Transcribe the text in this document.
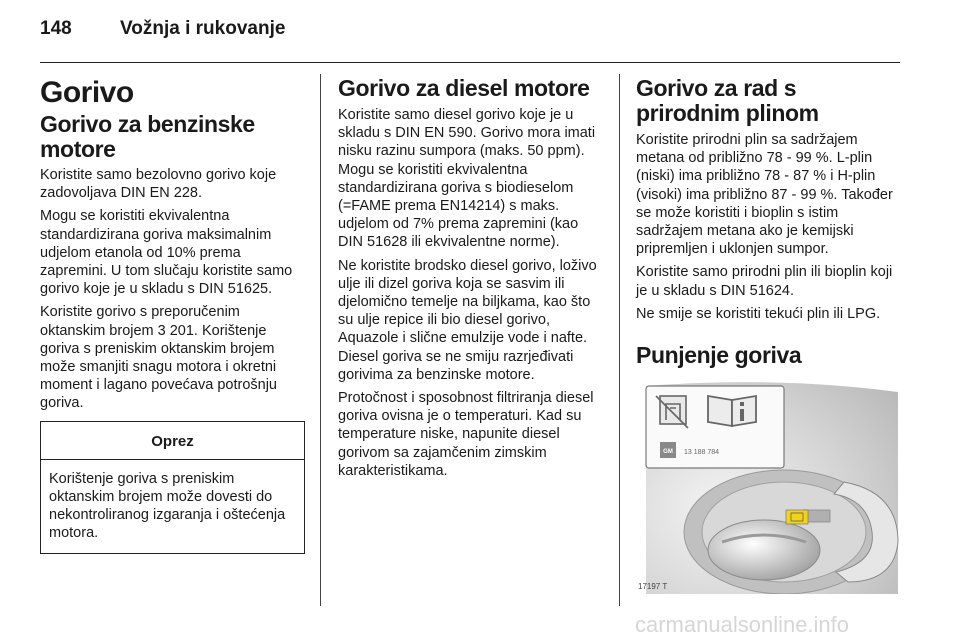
148	Vožnja i rukovanje
Gorivo
Gorivo za benzinske motore

Koristite samo bezolovno gorivo koje zadovoljava DIN EN 228.

Mogu se koristiti ekvivalentna standardizirana goriva maksimalnim udjelom etanola od 10% prema zapremini. U tom slučaju koristite samo gorivo koje je u skladu s DIN 51625.

Koristite gorivo s preporučenim oktanskim brojem 3 201. Korištenje goriva s preniskim oktanskim brojem može smanjiti snagu motora i okretni moment i lagano povećava potrošnju goriva.

Oprez

Korištenje goriva s preniskim oktanskim brojem može dovesti do nekontroliranog izgaranja i oštećenja motora.

Gorivo za diesel motore

Koristite samo diesel gorivo koje je u skladu s DIN EN 590. Gorivo mora imati nisku razinu sumpora (maks. 50 ppm). Mogu se koristiti ekvivalentna standardizirana goriva s biodieselom (=FAME prema EN14214) s maks. udjelom od 7% prema zapremini (kao DIN 51628 ili ekvivalentne norme).

Ne koristite brodsko diesel gorivo, loživo ulje ili dizel goriva koja se sasvim ili djelomično temelje na biljkama, kao što su ulje repice ili bio diesel gorivo, Aquazole i slične emulzije vode i nafte. Diesel goriva se ne smiju razrjeđivati gorivima za benzinske motore.

Protočnost i sposobnost filtriranja diesel goriva ovisna je o temperaturi. Kad su temperature niske, napunite diesel gorivom sa zajamčenim zimskim karakteristikama.

Gorivo za rad s prirodnim plinom

Koristite prirodni plin sa sadržajem metana od približno 78 - 99 %. L-plin (niski) ima približno 78 - 87 % i H-plin (visoki) ima približno 87 - 99 %. Također se može koristiti i bioplin s istim sadržajem metana ako je kemijski pripremljen i uklonjen sumpor.

Koristite samo prirodni plin ili bioplin koji je u skladu s DIN 51624.

Ne smije se koristiti tekući plin ili LPG.

Punjenje goriva
GM 13 188 784
17197 T
carmanualsonline.info
